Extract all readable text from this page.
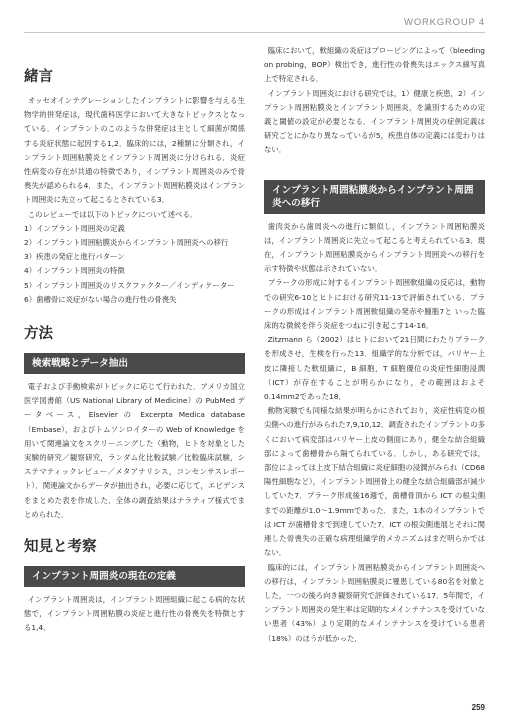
WORKGROUP 4
緒言

オッセオインテグレーションしたインプラントに影響を与える生物学的併発症は，現代歯科医学において大きなトピックスとなっている．インプラントのこのような併発症は主として細菌が関係する炎症状態に起因する1,2．臨床的には，2種類に分類され，インプラント周囲粘膜炎とインプラント周囲炎に分けられる．炎症性病変の存在が共通の特徴であり，インプラント周囲炎のみで骨喪失が認められる4．また，インプラント周囲粘膜炎はインプラント周囲炎に先立って起こるとされている3．

このレビューでは以下のトピックについて述べる．

1）インプラント周囲炎の定義
2）インプラント周囲粘膜炎からインプラント周囲炎への移行
3）疾患の発症と進行パターン
4）インプラント周囲炎の特徴
5）インプラント周囲炎のリスクファクター／インディケーター
6）歯槽骨に炎症がない場合の進行性の骨喪失
方法
検索戦略とデータ抽出

電子および手動検索がトピックに応じて行われた．アメリカ国立医学図書館（US National Library of Medicine）の PubMed データベース，Elsevier の Excerpta Medica database（Embase），およびトムソンロイターの Web of Knowledge を用いて関連論文をスクリーニングした（動物，ヒトを対象とした実験的研究／観察研究，ランダム化比較試験／比較臨床試験，システマティックレビュー／メタアナリシス，コンセンサスレポート）．関連論文からデータが抽出され，必要に応じて，エビデンスをまとめた表を作成した．全体の調査結果はナラティブ様式でまとめられた．

知見と考察
インプラント周囲炎の現在の定義

インプラント周囲炎は，インプラント周囲組織に起こる病的な状態で，インプラント周囲粘膜の炎症と進行性の骨喪失を特徴とする1,4．

臨床において，軟組織の炎症はプロービングによって（bleeding on probing，BOP）検出でき，進行性の骨喪失はエックス線写真上で特定される．

インプラント周囲炎における研究では，1）健康と疾患，2）インプラント周囲粘膜炎とインプラント周囲炎，を識別するための定義と閾値の設定が必要となる．インプラント周囲炎の症例定義は研究ごとにかなり異なっているが5，疾患自体の定義には変わりはない．

インプラント周囲粘膜炎からインプラント周囲炎への移行

歯肉炎から歯周炎への進行に類似し，インプラント周囲粘膜炎は，インプラント周囲炎に先立って起こると考えられている3．現在，インプラント周囲粘膜炎からインプラント周囲炎への移行を示す特徴や状態は示されていない．

プラークの形成に対するインプラント周囲軟組織の反応は，動物での研究6-10とヒトにおける研究11-13で評価されている．プラークの形成はインプラント周囲軟組織の発赤や腫脹7と いった臨床的な徴候を伴う炎症をつねに引き起こす14-16．

Zitzmann ら（2002）はヒトにおいて21日間にわたりプラークを形成させ，生検を行った13．組織学的な分析では，バリヤー上皮に隣接した軟組織に，B 細胞，T 細胞優位の炎症性細胞浸潤（ICT）が存在することが明らかになり，その範囲はおよそ0.14mm2であった18．

動物実験でも同様な結果が明らかにされており，炎症性病変の根尖側への進行がみられた7,9,10,12．調査されたインプラントの多くにおいて病変部はバリヤー上皮の側面にあり，健全な結合組織部によって歯槽骨から隔てられている．しかし，ある研究では，部位によっては上皮下結合組織に炎症細胞の浸潤がみられ（CD68陽性細胞など），インプラント周囲骨上の健全な結合組織部が減少していた7．プラーク形成後16週で，歯槽骨頂から ICT の根尖側までの距離が1.0〜1.9mmであった．また，1本のインプラントでは ICT が歯槽骨まで到達していた7．ICT の根尖側進展とそれに関連した骨喪失の正確な病理組織学的メカニズムはまだ明らかではない．

臨床的には，インプラント周囲粘膜炎からインプラント周囲炎への移行は，インプラント周囲粘膜炎に罹患している80名を対象とした，一つの後ろ向き観察研究で評価されている17．5年間で，インプラント周囲炎の発生率は定期的なメインテナンスを受けていない患者（43%）より定期的なメインテナンスを受けている患者（18%）のほうが低かった．

259
